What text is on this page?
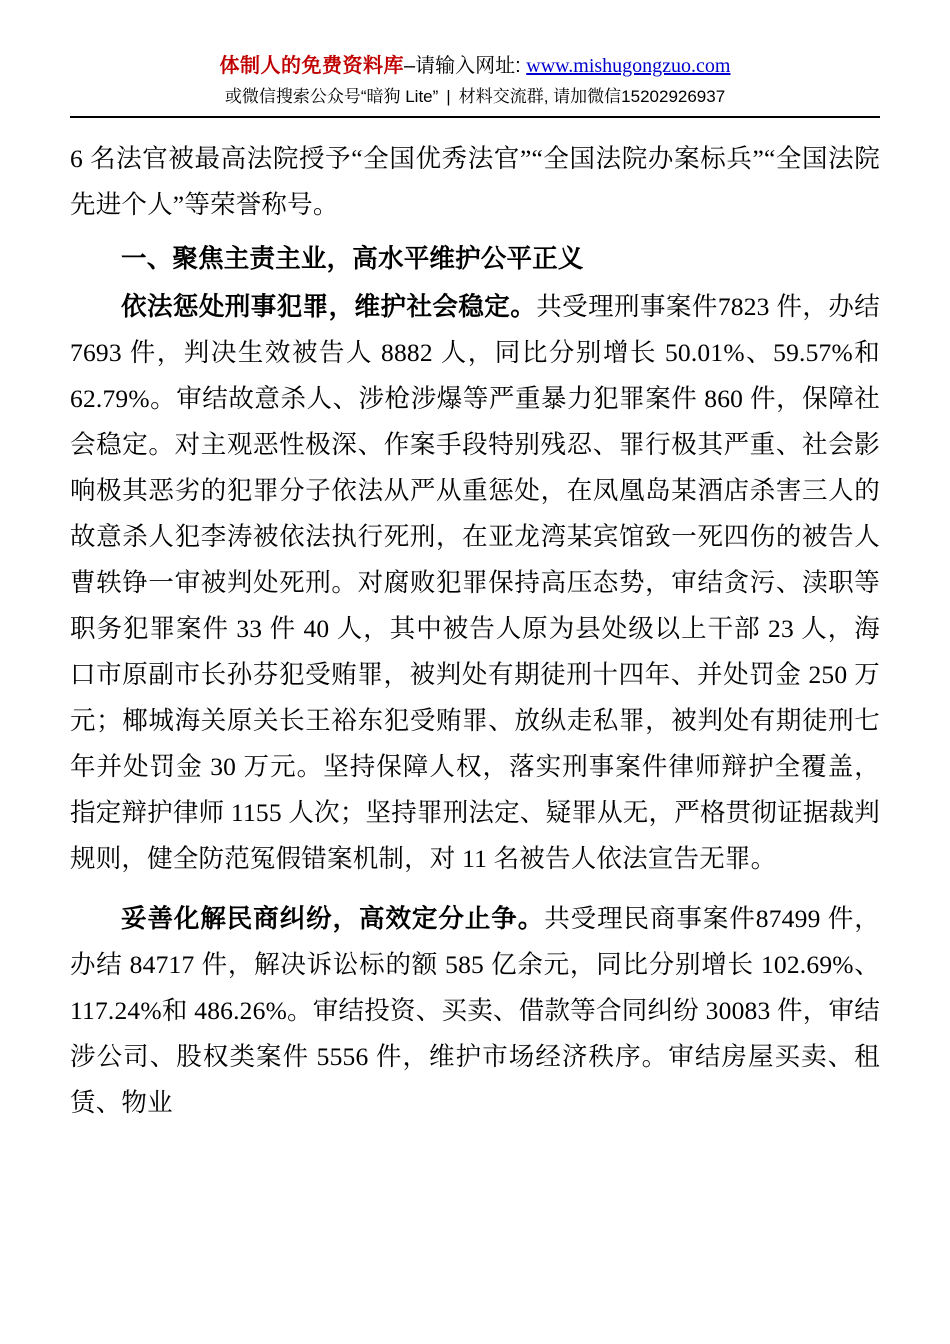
体制人的免费资料库–请输入网址: www.mishugongzuo.com
或微信搜索公众号“暗狗 Lite” | 材料交流群, 请加微信15202926937

6 名法官被最高法院授予“全国优秀法官”“全国法院办案标兵”“全国法院先进个人”等荣誉称号。

一、聚焦主责主业，高水平维护公平正义

依法惩处刑事犯罪，维护社会稳定。共受理刑事案件7823 件，办结 7693 件，判决生效被告人 8882 人，同比分别增长 50.01%、59.57%和 62.79%。审结故意杀人、涉枪涉爆等严重暴力犯罪案件 860 件，保障社会稳定。对主观恶性极深、作案手段特别残忍、罪行极其严重、社会影响极其恶劣的犯罪分子依法从严从重惩处，在凤凰岛某酒店杀害三人的故意杀人犯李涛被依法执行死刑，在亚龙湾某宾馆致一死四伤的被告人曹轶铮一审被判处死刑。对腐败犯罪保持高压态势，审结贪污、渎职等职务犯罪案件 33 件 40 人，其中被告人原为县处级以上干部 23 人，海口市原副市长孙芬犯受贿罪，被判处有期徒刑十四年、并处罚金 250 万元；椰城海关原关长王裕东犯受贿罪、放纵走私罪，被判处有期徒刑七年并处罚金 30 万元。坚持保障人权，落实刑事案件律师辩护全覆盖，指定辩护律师 1155 人次；坚持罪刑法定、疑罪从无，严格贯彻证据裁判规则，健全防范冤假错案机制，对 11 名被告人依法宣告无罪。

妥善化解民商纠纷，高效定分止争。共受理民商事案件87499 件，办结 84717 件，解决诉讼标的额 585 亿余元，同比分别增长 102.69%、117.24%和 486.26%。审结投资、买卖、借款等合同纠纷 30083 件，审结涉公司、股权类案件 5556 件，维护市场经济秩序。审结房屋买卖、租赁、物业
